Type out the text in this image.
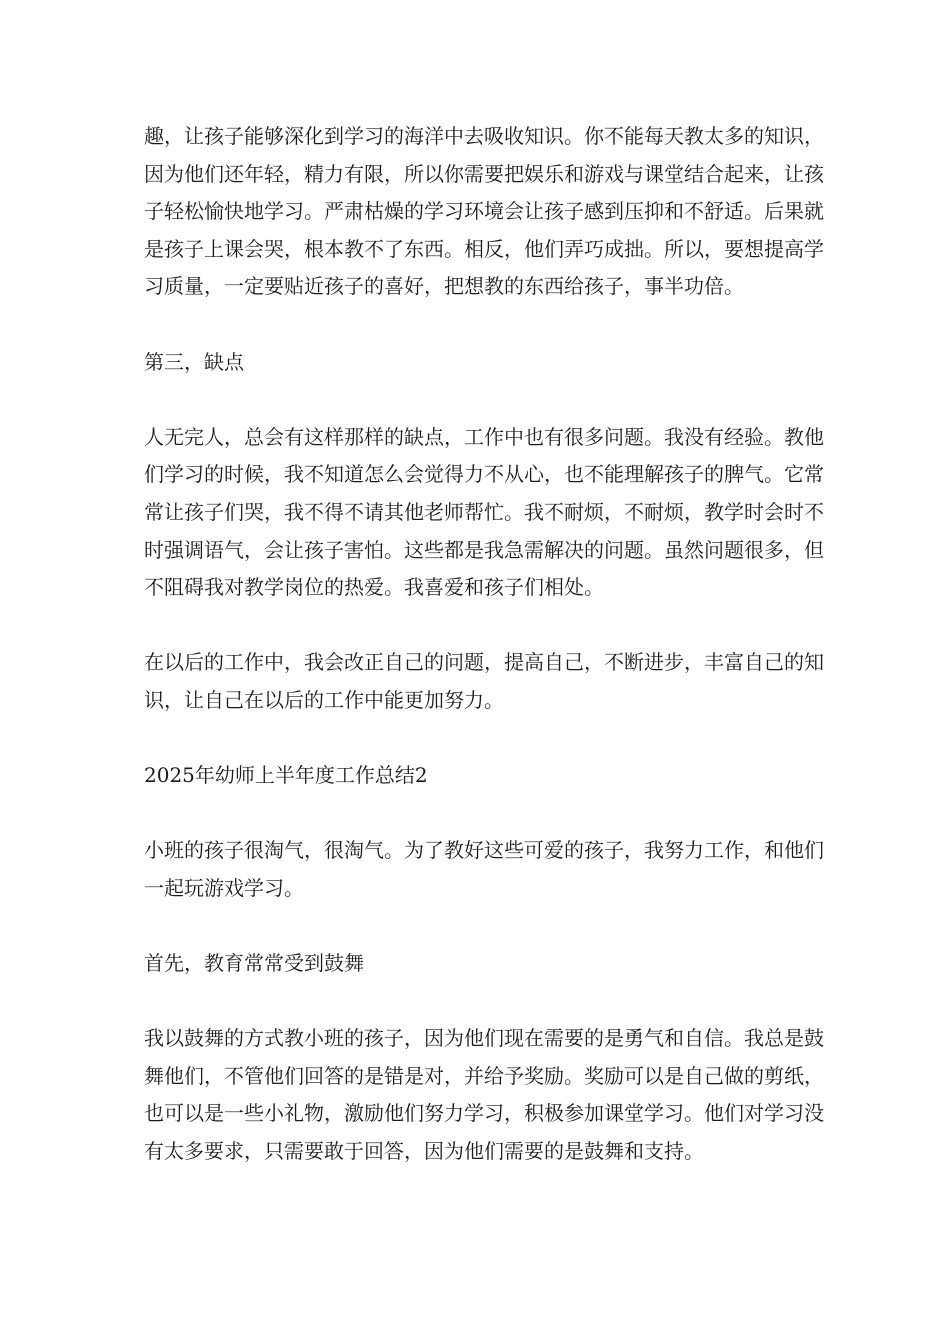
趣，让孩子能够深化到学习的海洋中去吸收知识。你不能每天教太多的知识，
因为他们还年轻，精力有限，所以你需要把娱乐和游戏与课堂结合起来，让孩
子轻松愉快地学习。严肃枯燥的学习环境会让孩子感到压抑和不舒适。后果就
是孩子上课会哭，根本教不了东西。相反，他们弄巧成拙。所以，要想提高学
习质量，一定要贴近孩子的喜好，把想教的东西给孩子，事半功倍。

第三，缺点

人无完人，总会有这样那样的缺点，工作中也有很多问题。我没有经验。教他
们学习的时候，我不知道怎么会觉得力不从心，也不能理解孩子的脾气。它常
常让孩子们哭，我不得不请其他老师帮忙。我不耐烦，不耐烦，教学时会时不
时强调语气，会让孩子害怕。这些都是我急需解决的问题。虽然问题很多，但
不阻碍我对教学岗位的热爱。我喜爱和孩子们相处。

在以后的工作中，我会改正自己的问题，提高自己，不断进步，丰富自己的知
识，让自己在以后的工作中能更加努力。

2025年幼师上半年度工作总结2

小班的孩子很淘气，很淘气。为了教好这些可爱的孩子，我努力工作，和他们
一起玩游戏学习。

首先，教育常常受到鼓舞

我以鼓舞的方式教小班的孩子，因为他们现在需要的是勇气和自信。我总是鼓
舞他们，不管他们回答的是错是对，并给予奖励。奖励可以是自己做的剪纸，
也可以是一些小礼物，激励他们努力学习，积极参加课堂学习。他们对学习没
有太多要求，只需要敢于回答，因为他们需要的是鼓舞和支持。
